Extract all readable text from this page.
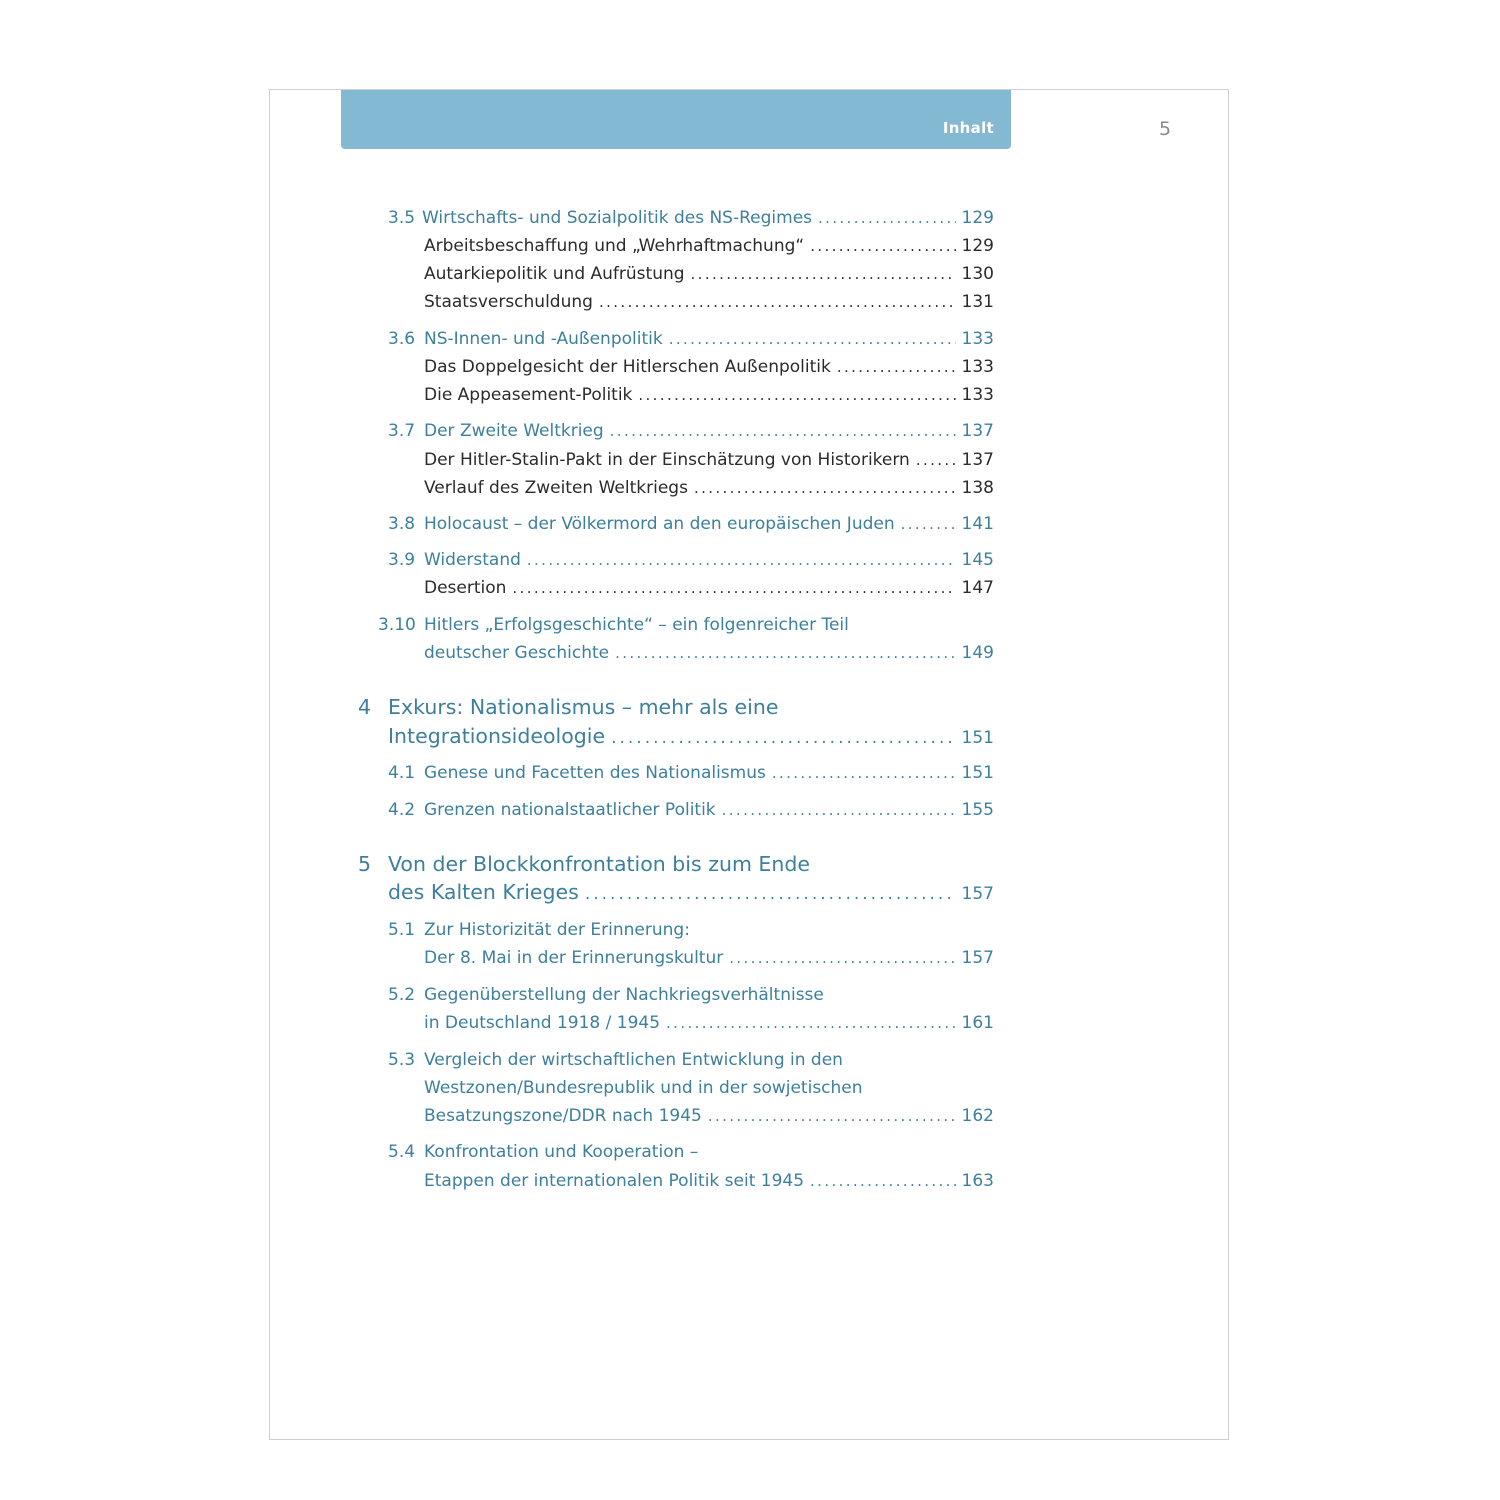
Inhalt	5
3.5 Wirtschafts- und Sozialpolitik des NS-Regimes . . .	129
Arbeitsbeschaffung und „Wehrhaftmachung“ . . .	129
Autarkiepolitik und Aufrüstung . . .	130
Staatsverschuldung . . .	131
3.6 NS-Innen- und -Außenpolitik . . .	133
Das Doppelgesicht der Hitlerschen Außenpolitik . . .	133
Die Appeasement-Politik . . .	133
3.7 Der Zweite Weltkrieg . . .	137
Der Hitler-Stalin-Pakt in der Einschätzung von Historikern . . .	137
Verlauf des Zweiten Weltkriegs . . .	138
3.8 Holocaust – der Völkermord an den europäischen Juden . . .	141
3.9 Widerstand . . .	145
Desertion . . .	147
3.10 Hitlers „Erfolgsgeschichte“ – ein folgenreicher Teil
deutscher Geschichte . . .	149
4 Exkurs: Nationalismus – mehr als eine
Integrationsideologie . . .	151
4.1 Genese und Facetten des Nationalismus . . .	151
4.2 Grenzen nationalstaatlicher Politik . . .	155
5 Von der Blockkonfrontation bis zum Ende
des Kalten Krieges . . .	157
5.1 Zur Historizität der Erinnerung:
Der 8. Mai in der Erinnerungskultur . . .	157
5.2 Gegenüberstellung der Nachkriegsverhältnisse
in Deutschland 1918 / 1945 . . .	161
5.3 Vergleich der wirtschaftlichen Entwicklung in den
Westzonen/Bundesrepublik und in der sowjetischen
Besatzungszone/DDR nach 1945 . . .	162
5.4 Konfrontation und Kooperation –
Etappen der internationalen Politik seit 1945 . . .	163
